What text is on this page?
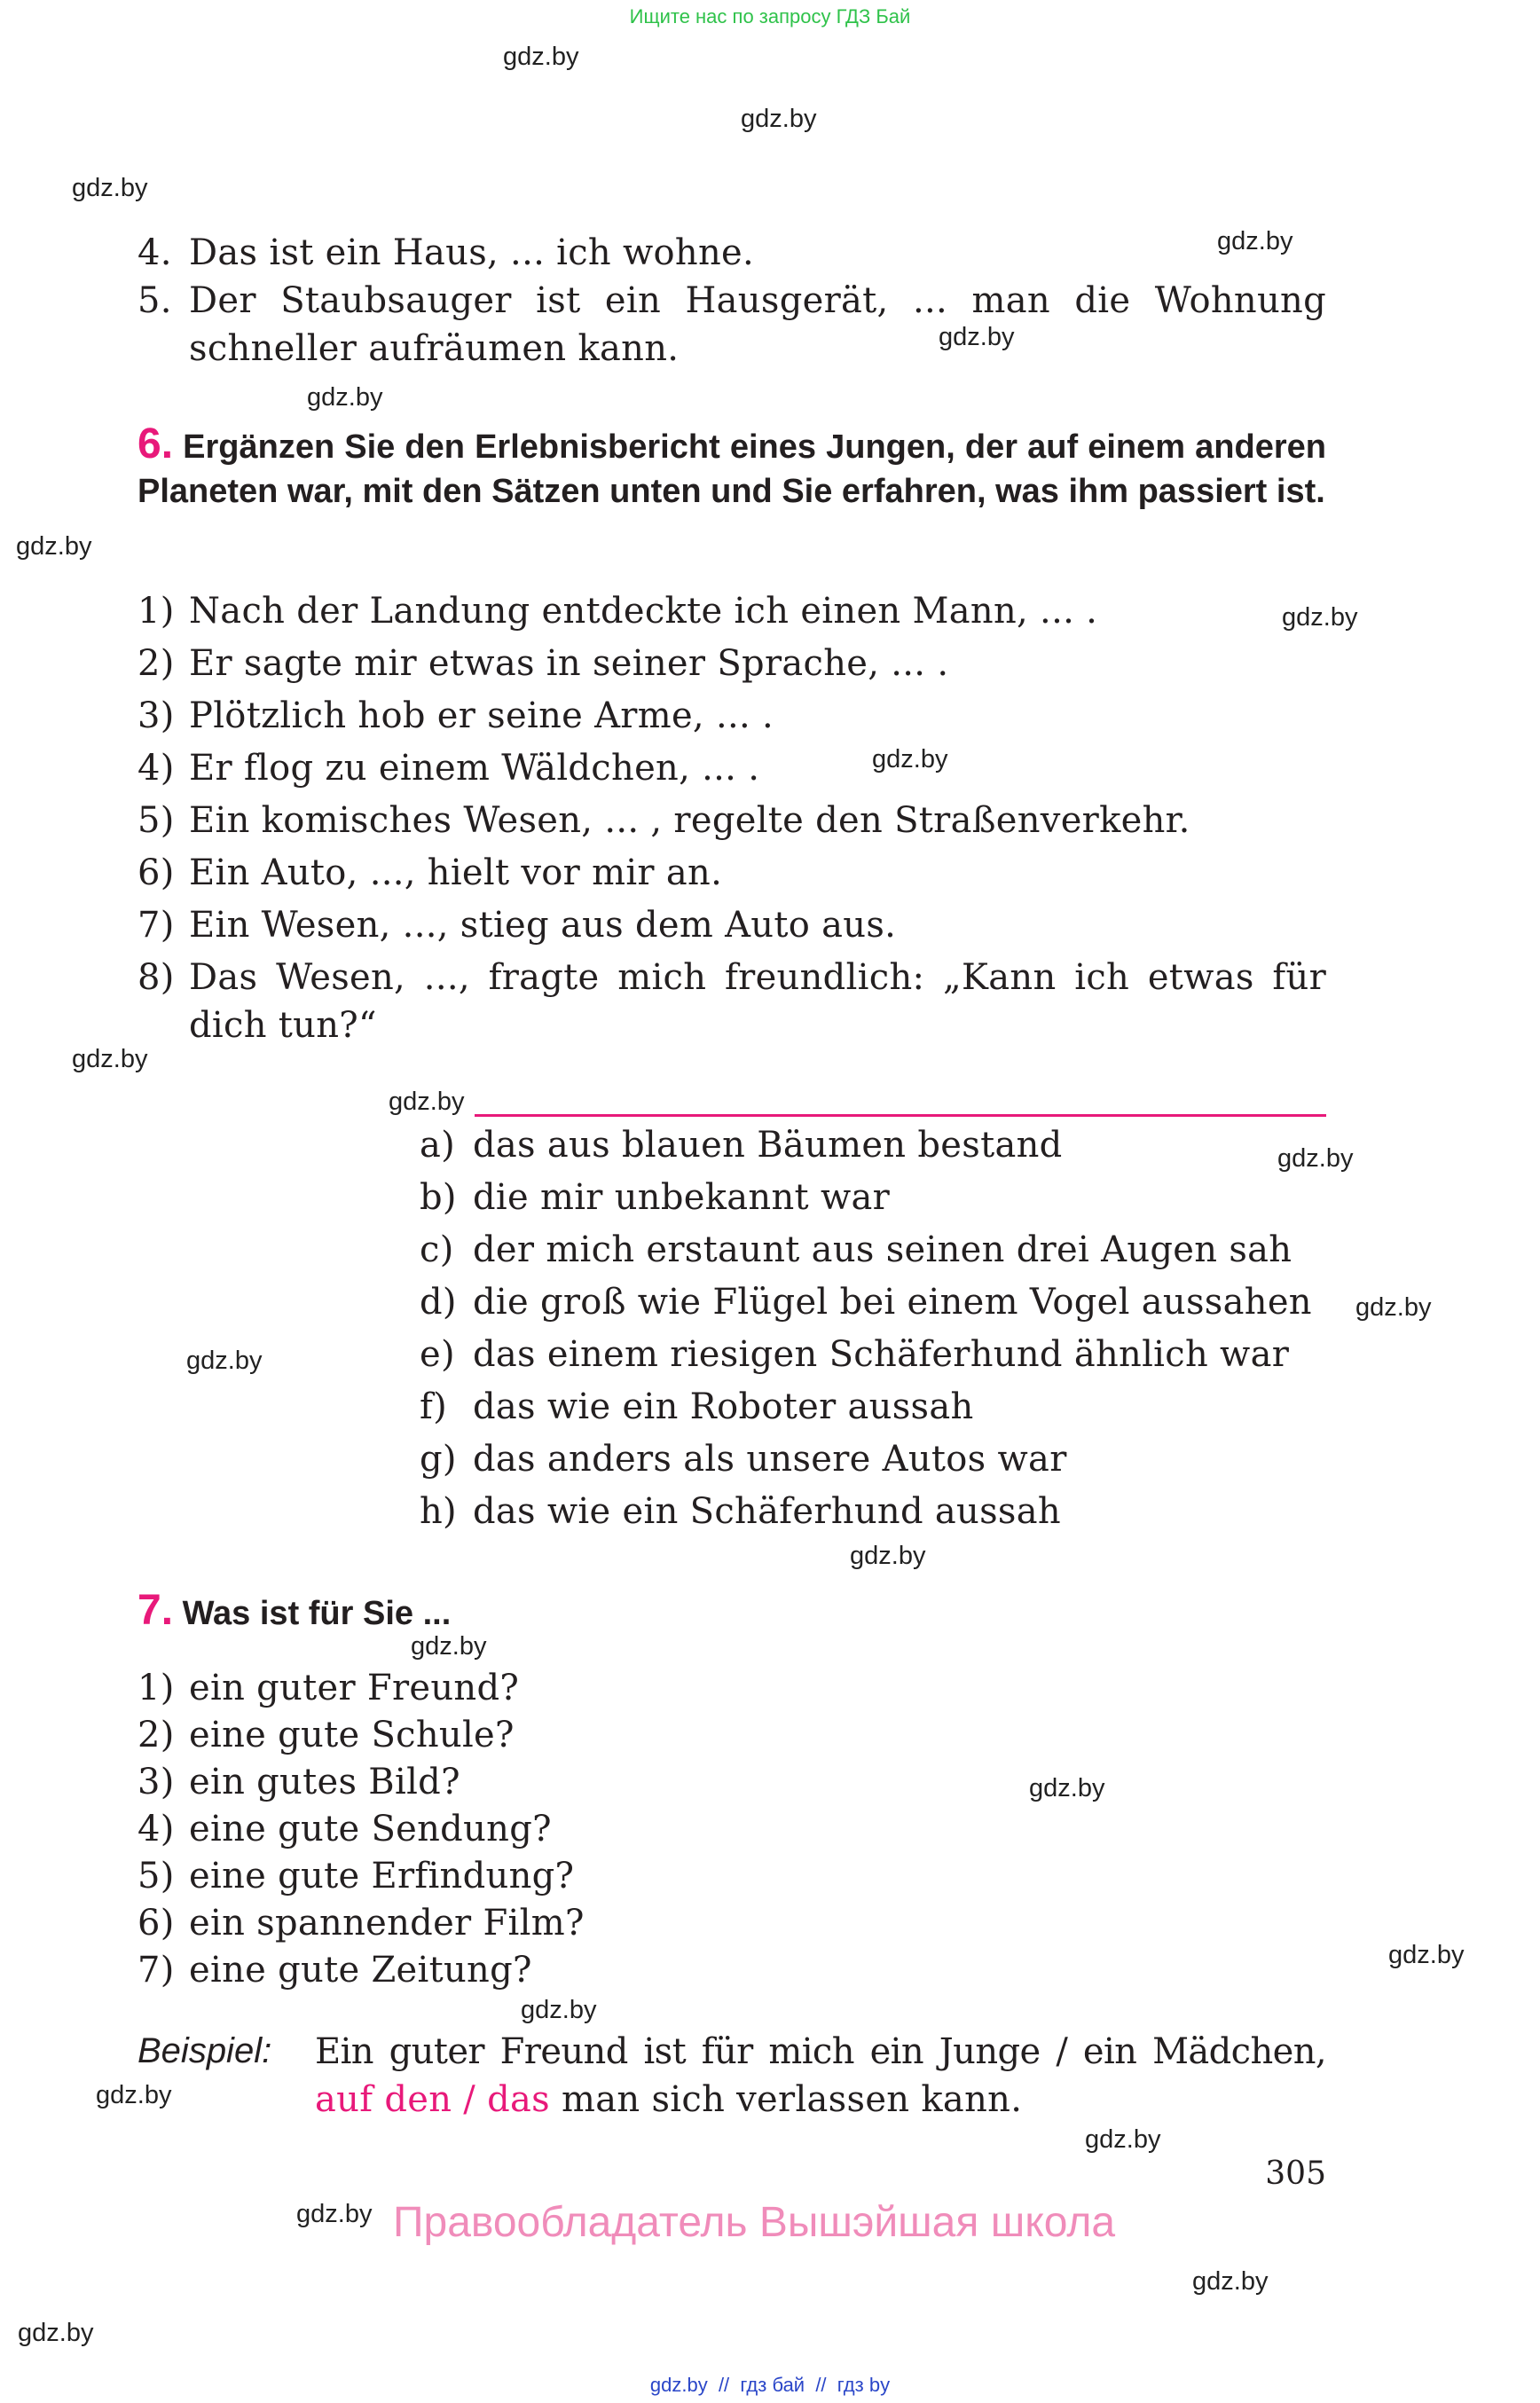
Ищите нас по запросу ГДЗ Бай
gdz.by
gdz.by
gdz.by
gdz.by
gdz.by
gdz.by
gdz.by
gdz.by
gdz.by
gdz.by
gdz.by
gdz.by
gdz.by
gdz.by
gdz.by
gdz.by
gdz.by
gdz.by
gdz.by
gdz.by
gdz.by
gdz.by
gdz.by
gdz.by
4. Das ist ein Haus, ... ich wohne.
5. Der Staubsauger ist ein Hausgerät, ... man die Wohnung
schneller aufräumen kann.
6. Ergänzen Sie den Erlebnisbericht eines Jungen, der auf einem anderen Planeten war, mit den Sätzen unten und Sie erfahren, was ihm passiert ist.
1) Nach der Landung entdeckte ich einen Mann, ... .
2) Er sagte mir etwas in seiner Sprache, ... .
3) Plötzlich hob er seine Arme, ... .
4) Er flog zu einem Wäldchen, ... .
5) Ein komisches Wesen, ... , regelte den Straßenverkehr.
6) Ein Auto, ..., hielt vor mir an.
7) Ein Wesen, ..., stieg aus dem Auto aus.
8) Das Wesen, ..., fragte mich freundlich: „Kann ich etwas für
dich tun?“
a) das aus blauen Bäumen bestand
b) die mir unbekannt war
c) der mich erstaunt aus seinen drei Augen sah
d) die groß wie Flügel bei einem Vogel aussahen
e) das einem riesigen Schäferhund ähnlich war
f) das wie ein Roboter aussah
g) das anders als unsere Autos war
h) das wie ein Schäferhund aussah
7. Was ist für Sie ...
1) ein guter Freund?
2) eine gute Schule?
3) ein gutes Bild?
4) eine gute Sendung?
5) eine gute Erfindung?
6) ein spannender Film?
7) eine gute Zeitung?
Beispiel: Ein guter Freund ist für mich ein Junge / ein Mädchen,
auf den / das man sich verlassen kann.
305
Правообладатель Вышэйшая школа
gdz.by  //  гдз бай  //  гдз by
